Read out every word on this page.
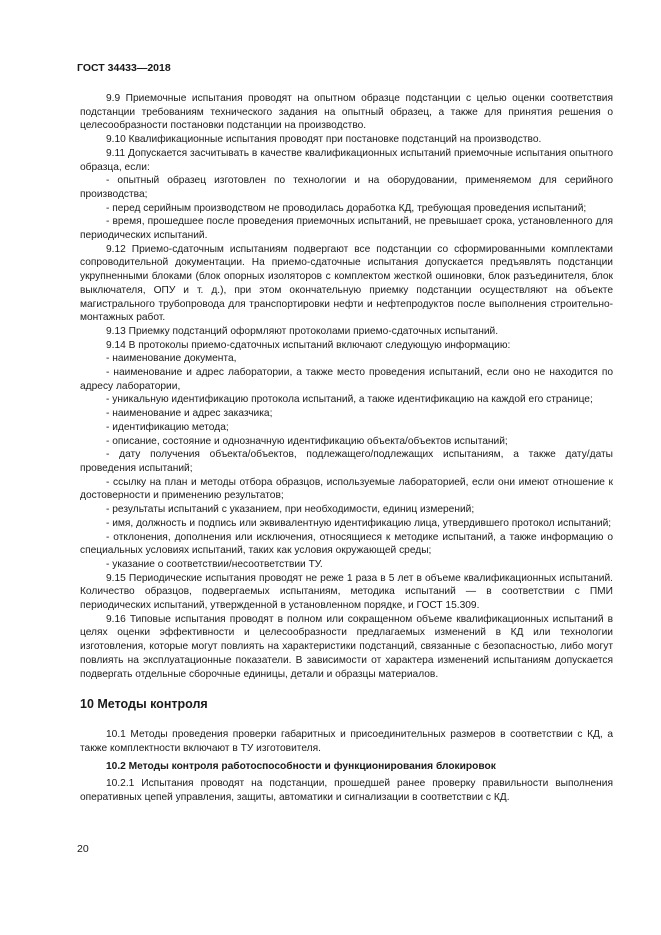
ГОСТ 34433—2018

9.9 Приемочные испытания проводят на опытном образце подстанции с целью оценки соответствия подстанции требованиям технического задания на опытный образец, а также для принятия решения о целесообразности постановки подстанции на производство.

9.10 Квалификационные испытания проводят при постановке подстанций на производство.

9.11 Допускается засчитывать в качестве квалификационных испытаний приемочные испытания опытного образца, если:

- опытный образец изготовлен по технологии и на оборудовании, применяемом для серийного производства;

- перед серийным производством не проводилась доработка КД, требующая проведения испытаний;

- время, прошедшее после проведения приемочных испытаний, не превышает срока, установленного для периодических испытаний.

9.12 Приемо-сдаточным испытаниям подвергают все подстанции со сформированными комплектами сопроводительной документации. На приемо-сдаточные испытания допускается предъявлять подстанции укрупненными блоками (блок опорных изоляторов с комплектом жесткой ошиновки, блок разъединителя, блок выключателя, ОПУ и т. д.), при этом окончательную приемку подстанции осуществляют на объекте магистрального трубопровода для транспортировки нефти и нефтепродуктов после выполнения строительно-монтажных работ.

9.13 Приемку подстанций оформляют протоколами приемо-сдаточных испытаний.

9.14 В протоколы приемо-сдаточных испытаний включают следующую информацию:

- наименование документа,

- наименование и адрес лаборатории, а также место проведения испытаний, если оно не находится по адресу лаборатории,

- уникальную идентификацию протокола испытаний, а также идентификацию на каждой его странице;

- наименование и адрес заказчика;

- идентификацию метода;

- описание, состояние и однозначную идентификацию объекта/объектов испытаний;

- дату получения объекта/объектов, подлежащего/подлежащих испытаниям, а также дату/даты проведения испытаний;

- ссылку на план и методы отбора образцов, используемые лабораторией, если они имеют отношение к достоверности и применению результатов;

- результаты испытаний с указанием, при необходимости, единиц измерений;

- имя, должность и подпись или эквивалентную идентификацию лица, утвердившего протокол испытаний;

- отклонения, дополнения или исключения, относящиеся к методике испытаний, а также информацию о специальных условиях испытаний, таких как условия окружающей среды;

- указание о соответствии/несоответствии ТУ.

9.15 Периодические испытания проводят не реже 1 раза в 5 лет в объеме квалификационных испытаний. Количество образцов, подвергаемых испытаниям, методика испытаний — в соответствии с ПМИ периодических испытаний, утвержденной в установленном порядке, и ГОСТ 15.309.

9.16 Типовые испытания проводят в полном или сокращенном объеме квалификационных испытаний в целях оценки эффективности и целесообразности предлагаемых изменений в КД или технологии изготовления, которые могут повлиять на характеристики подстанций, связанные с безопасностью, либо могут повлиять на эксплуатационные показатели. В зависимости от характера изменений испытаниям допускается подвергать отдельные сборочные единицы, детали и образцы материалов.

10 Методы контроля

10.1 Методы проведения проверки габаритных и присоединительных размеров в соответствии с КД, а также комплектности включают в ТУ изготовителя.

10.2 Методы контроля работоспособности и функционирования блокировок

10.2.1 Испытания проводят на подстанции, прошедшей ранее проверку правильности выполнения оперативных цепей управления, защиты, автоматики и сигнализации в соответствии с КД.

20
